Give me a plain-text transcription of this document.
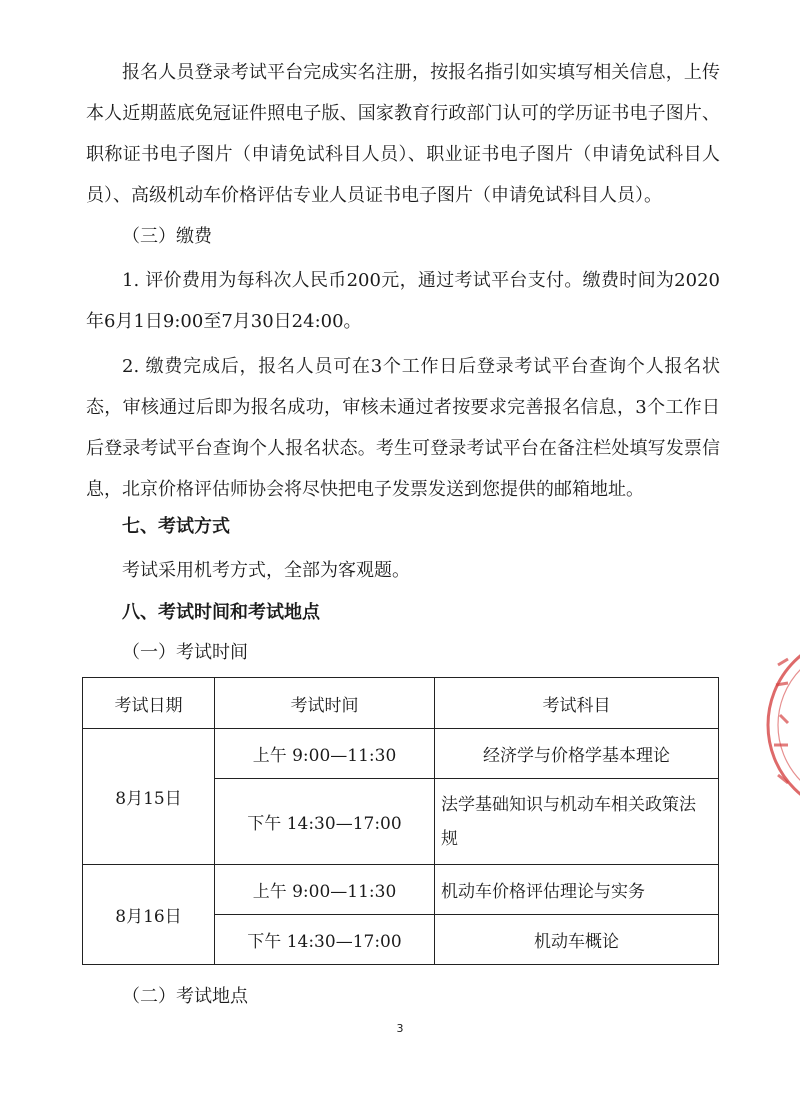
报名人员登录考试平台完成实名注册，按报名指引如实填写相关信息，上传本人近期蓝底免冠证件照电子版、国家教育行政部门认可的学历证书电子图片、职称证书电子图片（申请免试科目人员）、职业证书电子图片（申请免试科目人员）、高级机动车价格评估专业人员证书电子图片（申请免试科目人员）。

（三）缴费

1. 评价费用为每科次人民币200元，通过考试平台支付。缴费时间为2020年6月1日9:00至7月30日24:00。

2. 缴费完成后，报名人员可在3个工作日后登录考试平台查询个人报名状态，审核通过后即为报名成功，审核未通过者按要求完善报名信息，3个工作日后登录考试平台查询个人报名状态。考生可登录考试平台在备注栏处填写发票信息，北京价格评估师协会将尽快把电子发票发送到您提供的邮箱地址。

七、考试方式

考试采用机考方式，全部为客观题。

八、考试时间和考试地点

（一）考试时间

考试日期	考试时间	考试科目
8月15日	上午 9:00—11:30	经济学与价格学基本理论
	下午 14:30—17:00	法学基础知识与机动车相关政策法规
8月16日	上午 9:00—11:30	机动车价格评估理论与实务
	下午 14:30—17:00	机动车概论

（二）考试地点

3
